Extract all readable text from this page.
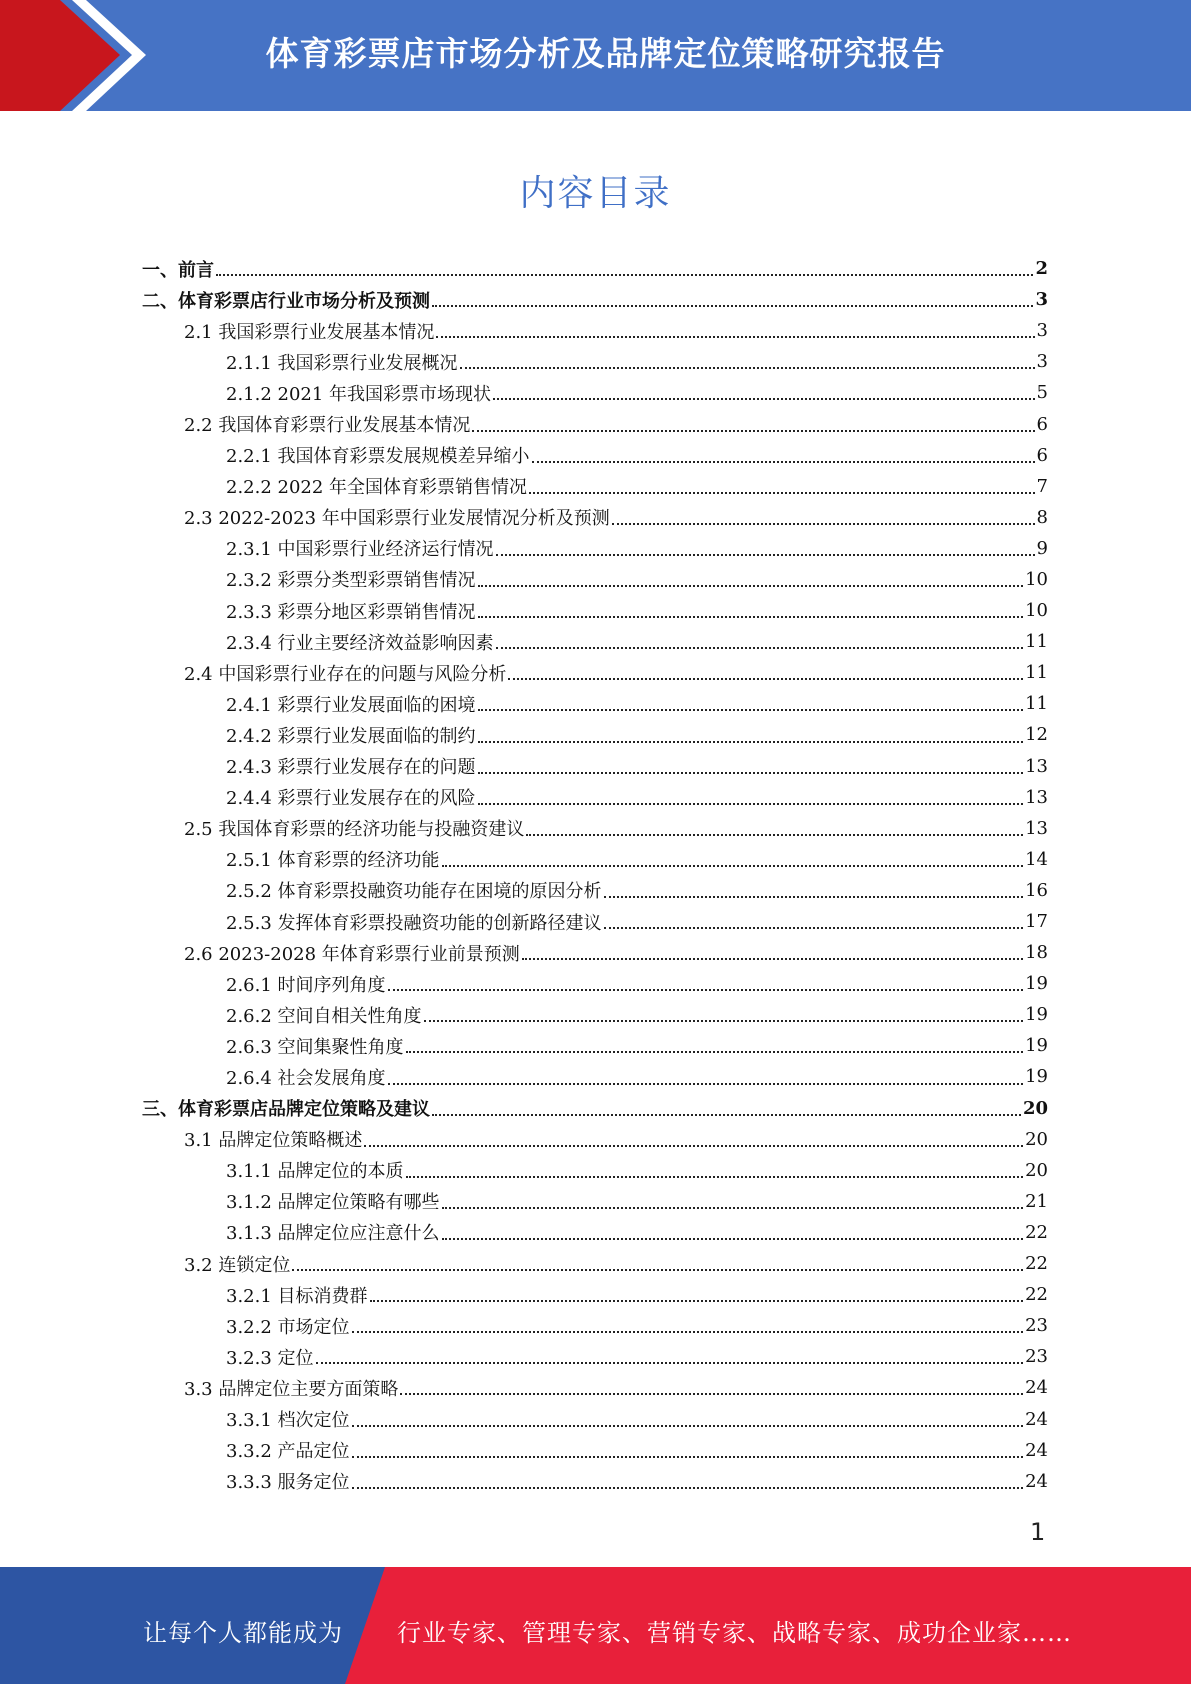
体育彩票店市场分析及品牌定位策略研究报告
内容目录
一、前言	2
二、体育彩票店行业市场分析及预测	3
2.1 我国彩票行业发展基本情况	3
2.1.1 我国彩票行业发展概况	3
2.1.2 2021 年我国彩票市场现状	5
2.2 我国体育彩票行业发展基本情况	6
2.2.1 我国体育彩票发展规模差异缩小	6
2.2.2 2022 年全国体育彩票销售情况	7
2.3 2022-2023 年中国彩票行业发展情况分析及预测	8
2.3.1 中国彩票行业经济运行情况	9
2.3.2 彩票分类型彩票销售情况	10
2.3.3 彩票分地区彩票销售情况	10
2.3.4 行业主要经济效益影响因素	11
2.4 中国彩票行业存在的问题与风险分析	11
2.4.1 彩票行业发展面临的困境	11
2.4.2 彩票行业发展面临的制约	12
2.4.3 彩票行业发展存在的问题	13
2.4.4 彩票行业发展存在的风险	13
2.5 我国体育彩票的经济功能与投融资建议	13
2.5.1 体育彩票的经济功能	14
2.5.2 体育彩票投融资功能存在困境的原因分析	16
2.5.3 发挥体育彩票投融资功能的创新路径建议	17
2.6 2023-2028 年体育彩票行业前景预测	18
2.6.1 时间序列角度	19
2.6.2 空间自相关性角度	19
2.6.3 空间集聚性角度	19
2.6.4 社会发展角度	19
三、体育彩票店品牌定位策略及建议	20
3.1 品牌定位策略概述	20
3.1.1 品牌定位的本质	20
3.1.2 品牌定位策略有哪些	21
3.1.3 品牌定位应注意什么	22
3.2 连锁定位	22
3.2.1 目标消费群	22
3.2.2 市场定位	23
3.2.3 定位	23
3.3 品牌定位主要方面策略	24
3.3.1 档次定位	24
3.3.2 产品定位	24
3.3.3 服务定位	24
1
让每个人都能成为 行业专家、管理专家、营销专家、战略专家、成功企业家……
